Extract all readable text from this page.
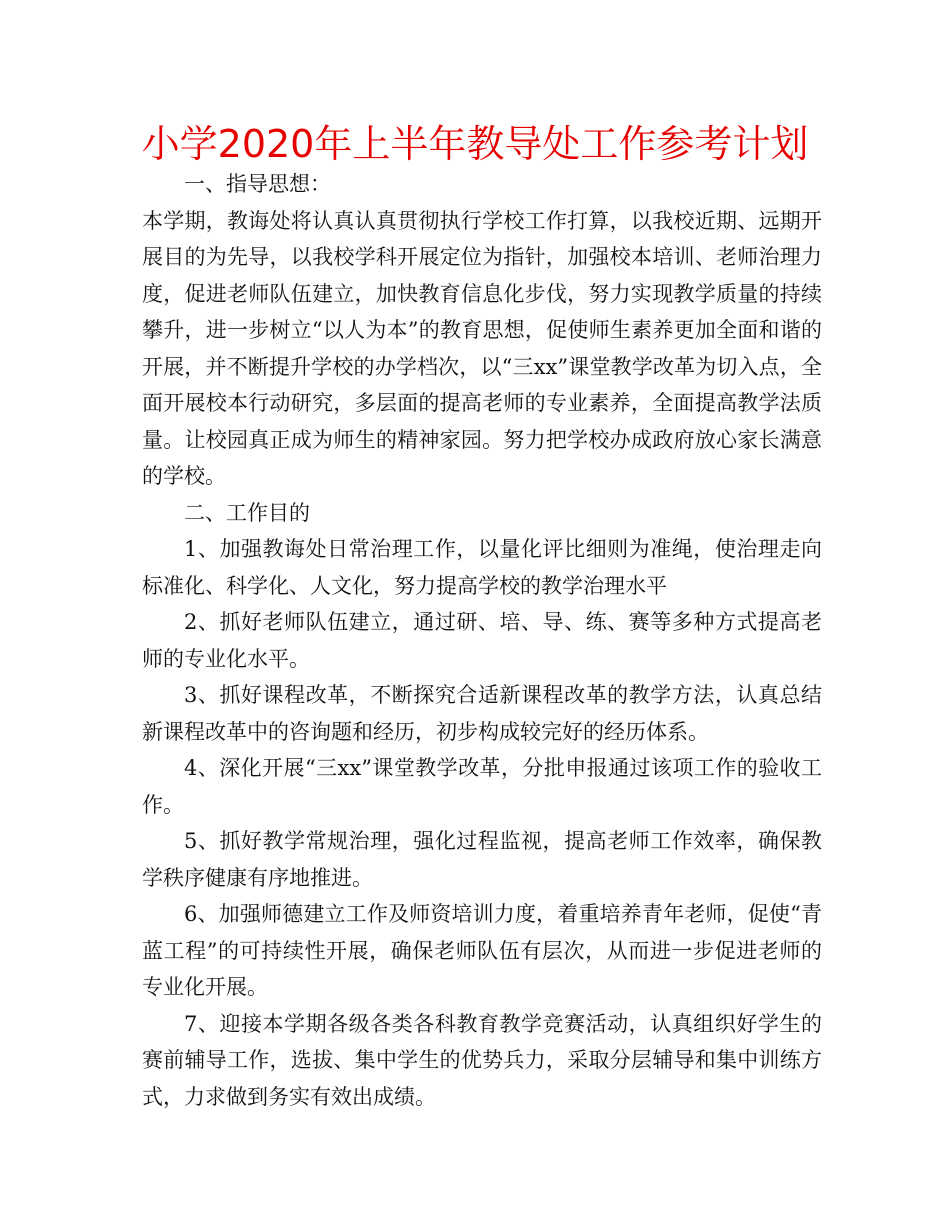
小学2020年上半年教导处工作参考计划

一、指导思想：

本学期，教诲处将认真认真贯彻执行学校工作打算，以我校近期、远期开展目的为先导，以我校学科开展定位为指针，加强校本培训、老师治理力度，促进老师队伍建立，加快教育信息化步伐，努力实现教学质量的持续攀升，进一步树立“以人为本”的教育思想，促使师生素养更加全面和谐的开展，并不断提升学校的办学档次，以“三xx”课堂教学改革为切入点，全面开展校本行动研究，多层面的提高老师的专业素养，全面提高教学法质量。让校园真正成为师生的精神家园。努力把学校办成政府放心家长满意的学校。

二、工作目的

1、加强教诲处日常治理工作，以量化评比细则为准绳，使治理走向标准化、科学化、人文化，努力提高学校的教学治理水平

2、抓好老师队伍建立，通过研、培、导、练、赛等多种方式提高老师的专业化水平。

3、抓好课程改革，不断探究合适新课程改革的教学方法，认真总结新课程改革中的咨询题和经历，初步构成较完好的经历体系。

4、深化开展“三xx”课堂教学改革，分批申报通过该项工作的验收工作。

5、抓好教学常规治理，强化过程监视，提高老师工作效率，确保教学秩序健康有序地推进。

6、加强师德建立工作及师资培训力度，着重培养青年老师，促使“青蓝工程”的可持续性开展，确保老师队伍有层次，从而进一步促进老师的专业化开展。

7、迎接本学期各级各类各科教育教学竞赛活动，认真组织好学生的赛前辅导工作，选拔、集中学生的优势兵力，采取分层辅导和集中训练方式，力求做到务实有效出成绩。
